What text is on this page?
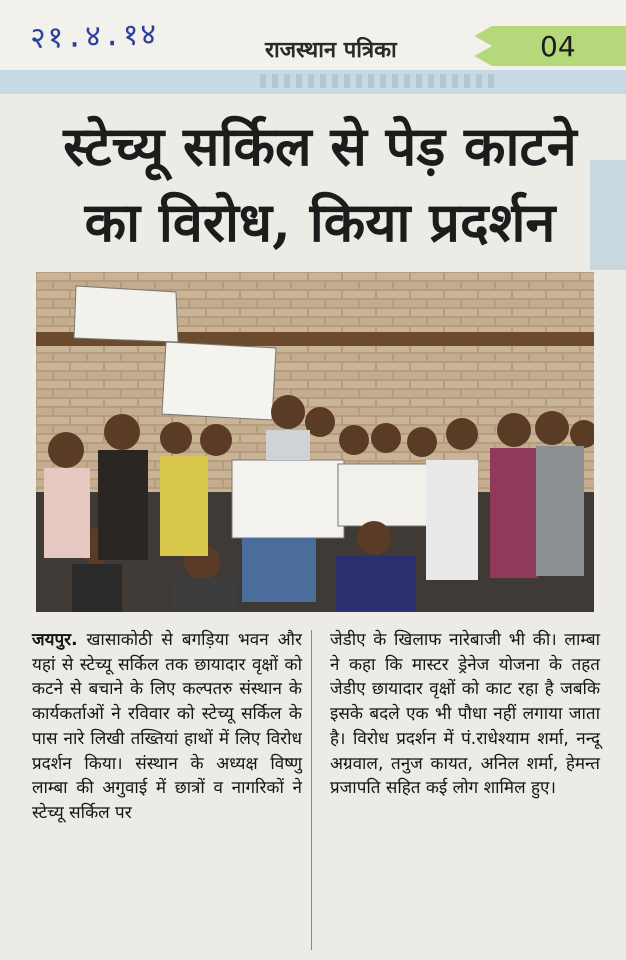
२१.४.१४	राजस्थान पत्रिका	04
स्टेच्यू सर्किल से पेड़ काटने का विरोध, किया प्रदर्शन
जयपुर. खासाकोठी से बगड़िया भवन और यहां से स्टेच्यू सर्किल तक छायादार वृक्षों को कटने से बचाने के लिए कल्पतरु संस्थान के कार्यकर्ताओं ने रविवार को स्टेच्यू सर्किल के पास नारे लिखी तख्तियां हाथों में लिए विरोध प्रदर्शन किया। संस्थान के अध्यक्ष विष्णु लाम्बा की अगुवाई में छात्रों व नागरिकों ने स्टेच्यू सर्किल पर
जेडीए के खिलाफ नारेबाजी भी की। लाम्बा ने कहा कि मास्टर ड्रेनेज योजना के तहत जेडीए छायादार वृक्षों को काट रहा है जबकि इसके बदले एक भी पौधा नहीं लगाया जाता है। विरोध प्रदर्शन में पं.राधेश्याम शर्मा, नन्दू अग्रवाल, तनुज कायत, अनिल शर्मा, हेमन्त प्रजापति सहित कई लोग शामिल हुए।
